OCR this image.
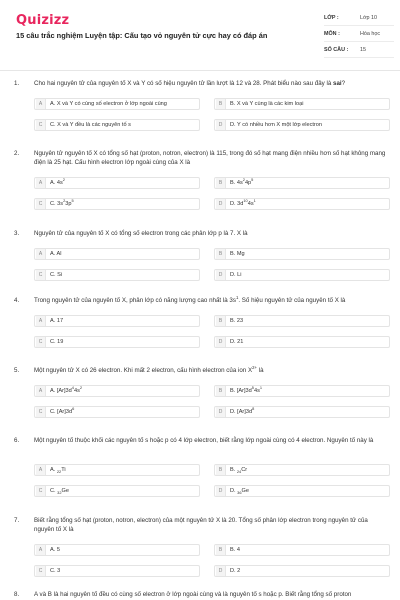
Quizizz
15 câu trắc nghiệm Luyện tập: Cấu tạo vỏ nguyên tử cực hay có đáp án
LỚP :	Lớp 10
MÔN :	Hóa học
SỐ CÂU :	15
1. Cho hai nguyên tử của nguyên tố X và Y có số hiệu nguyên tử lần lượt là 12 và 28. Phát biểu nào sau đây là sai?
A	A. X và Y có cùng số electron ở lớp ngoài cùng	B	B. X và Y cùng là các kim loại
C	C. X và Y đều là các nguyên tố s	D	D. Y có nhiều hơn X một lớp electron
2. Nguyên tử nguyên tố X có tổng số hạt (proton, notron, electron) là 115, trong đó số hạt mang điện nhiều hơn số hạt không mang điện là 25 hạt. Cấu hình electron lớp ngoài cùng của X là
A	A. $4s^2$
B	B. $4s^24p^5$
C	C. $3s^23p^5$
D	D. $3d^{10}4s^1$
3. Nguyên tử của nguyên tố X có tổng số electron trong các phân lớp p là 7. X là
A	A. Al	B	B. Mg
C	C. Si	D	D. Li
4. Trong nguyên tử của nguyên tố X, phân lớp có năng lượng cao nhất là $3s^1$. Số hiệu nguyên tử của nguyên tố X là
A	A. 17	B	B. 23
C	C. 19	D	D. 21
5. Một nguyên tử X có 26 electron. Khi mất 2 electron, cấu hình electron của ion $X^{2+}$ là
A	A. $[Ar]3d^44s^2$
B	B. $[Ar]3d^54s^1$
C	C. $[Ar]3d^6$
D	D. $[Ar]3d^8$
6. Một nguyên tố thuộc khối các nguyên tố s hoặc p có 4 lớp electron, biết rằng lớp ngoài cùng có 4 electron. Nguyên tố này là
A	A. $_{22}$Ti	B	B. $_{24}$Cr
C	C. $_{32}$Ge	D	D. $_{36}$Ge
7. Biết rằng tổng số hạt (proton, notron, electron) của một nguyên tử X là 20. Tổng số phân lớp electron trong nguyên tử của nguyên tố X là
A	A. 5	B	B. 4
C	C. 3	D	D. 2
8. A và B là hai nguyên tố đều có cùng số electron ở lớp ngoài cùng và là nguyên tố s hoặc p. Biết rằng tổng số proton
